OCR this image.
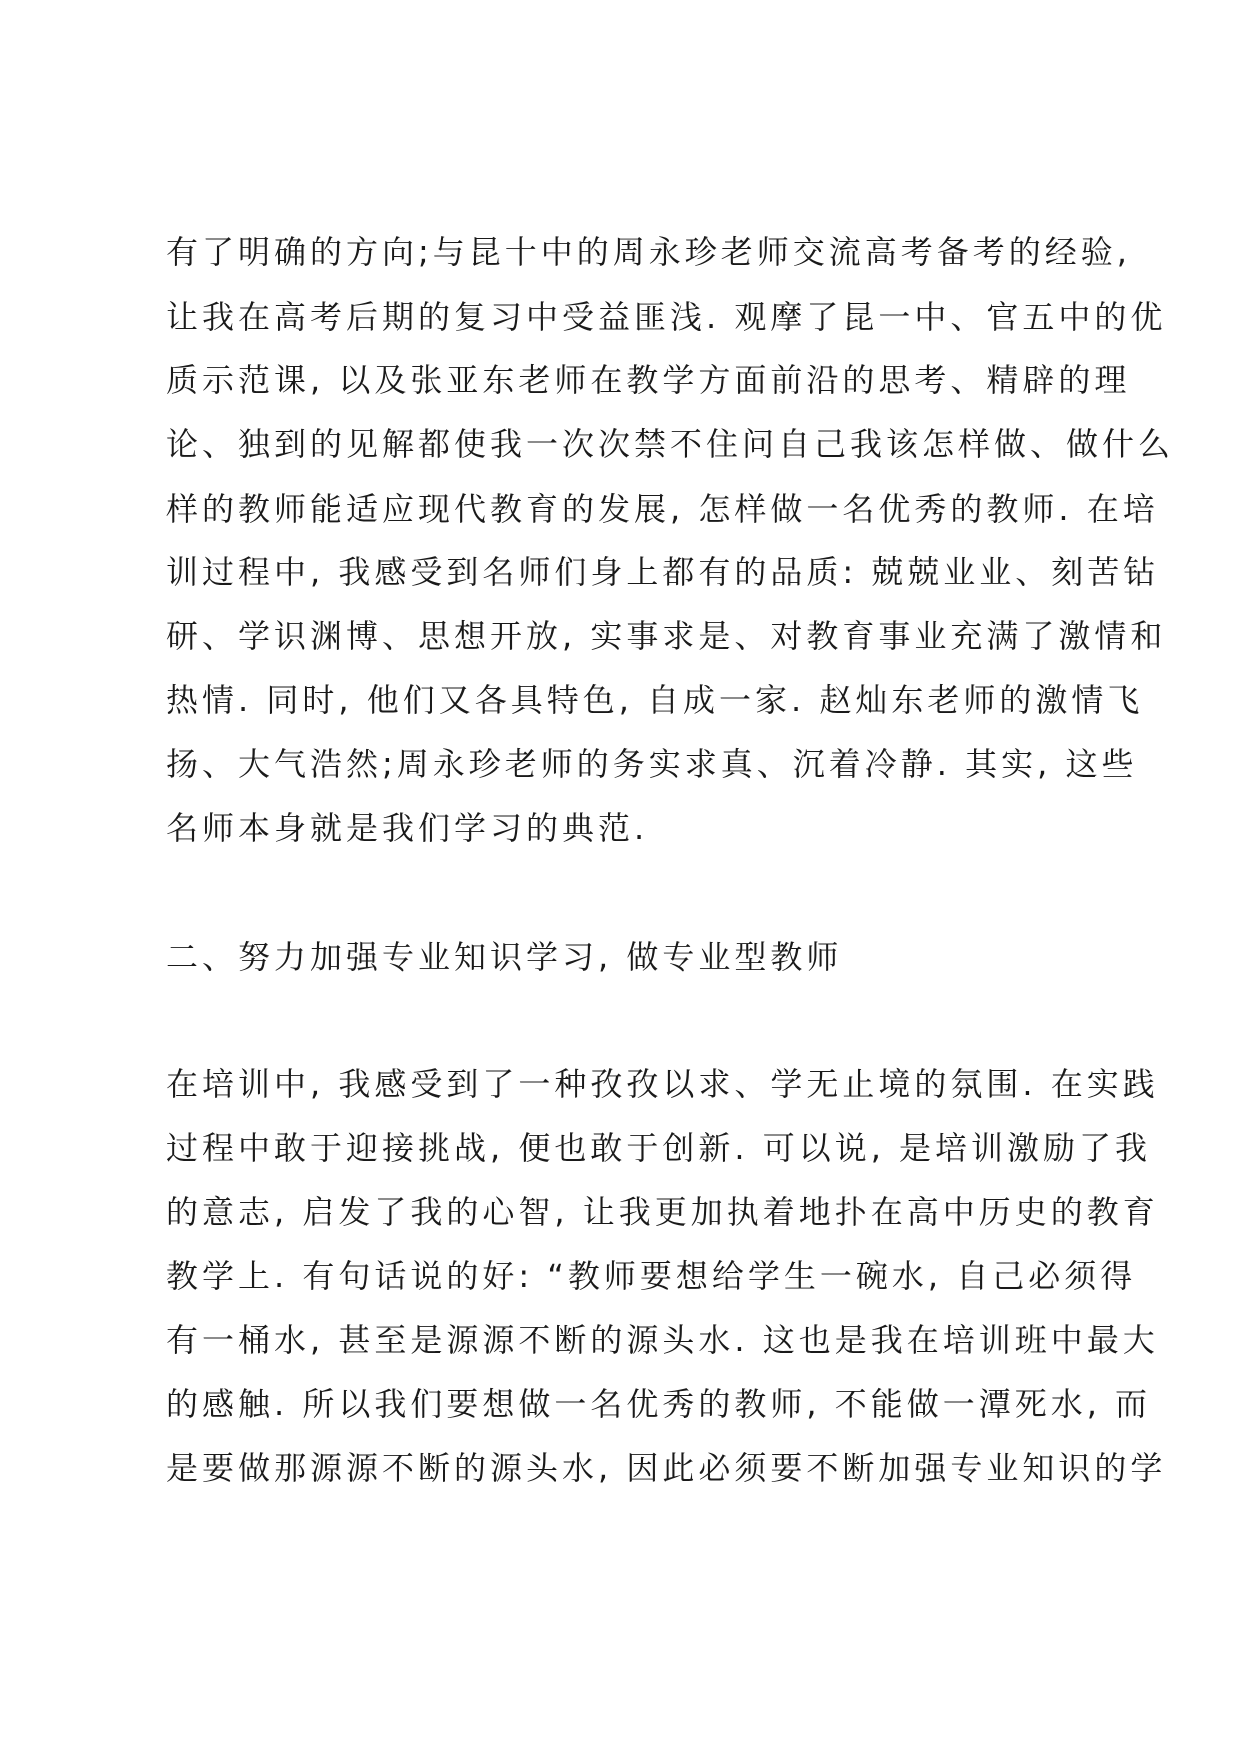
有了明确的方向;与昆十中的周永珍老师交流高考备考的经验,
让我在高考后期的复习中受益匪浅. 观摩了昆一中、官五中的优
质示范课, 以及张亚东老师在教学方面前沿的思考、精辟的理
论、独到的见解都使我一次次禁不住问自己我该怎样做、做什么
样的教师能适应现代教育的发展, 怎样做一名优秀的教师. 在培
训过程中, 我感受到名师们身上都有的品质: 兢兢业业、刻苦钻
研、学识渊博、思想开放, 实事求是、对教育事业充满了激情和
热情. 同时, 他们又各具特色, 自成一家. 赵灿东老师的激情飞
扬、大气浩然;周永珍老师的务实求真、沉着冷静. 其实, 这些
名师本身就是我们学习的典范.
二、努力加强专业知识学习, 做专业型教师
在培训中, 我感受到了一种孜孜以求、学无止境的氛围. 在实践
过程中敢于迎接挑战, 便也敢于创新. 可以说, 是培训激励了我
的意志, 启发了我的心智, 让我更加执着地扑在高中历史的教育
教学上. 有句话说的好: “教师要想给学生一碗水, 自己必须得
有一桶水, 甚至是源源不断的源头水. 这也是我在培训班中最大
的感触. 所以我们要想做一名优秀的教师, 不能做一潭死水, 而
是要做那源源不断的源头水, 因此必须要不断加强专业知识的学
